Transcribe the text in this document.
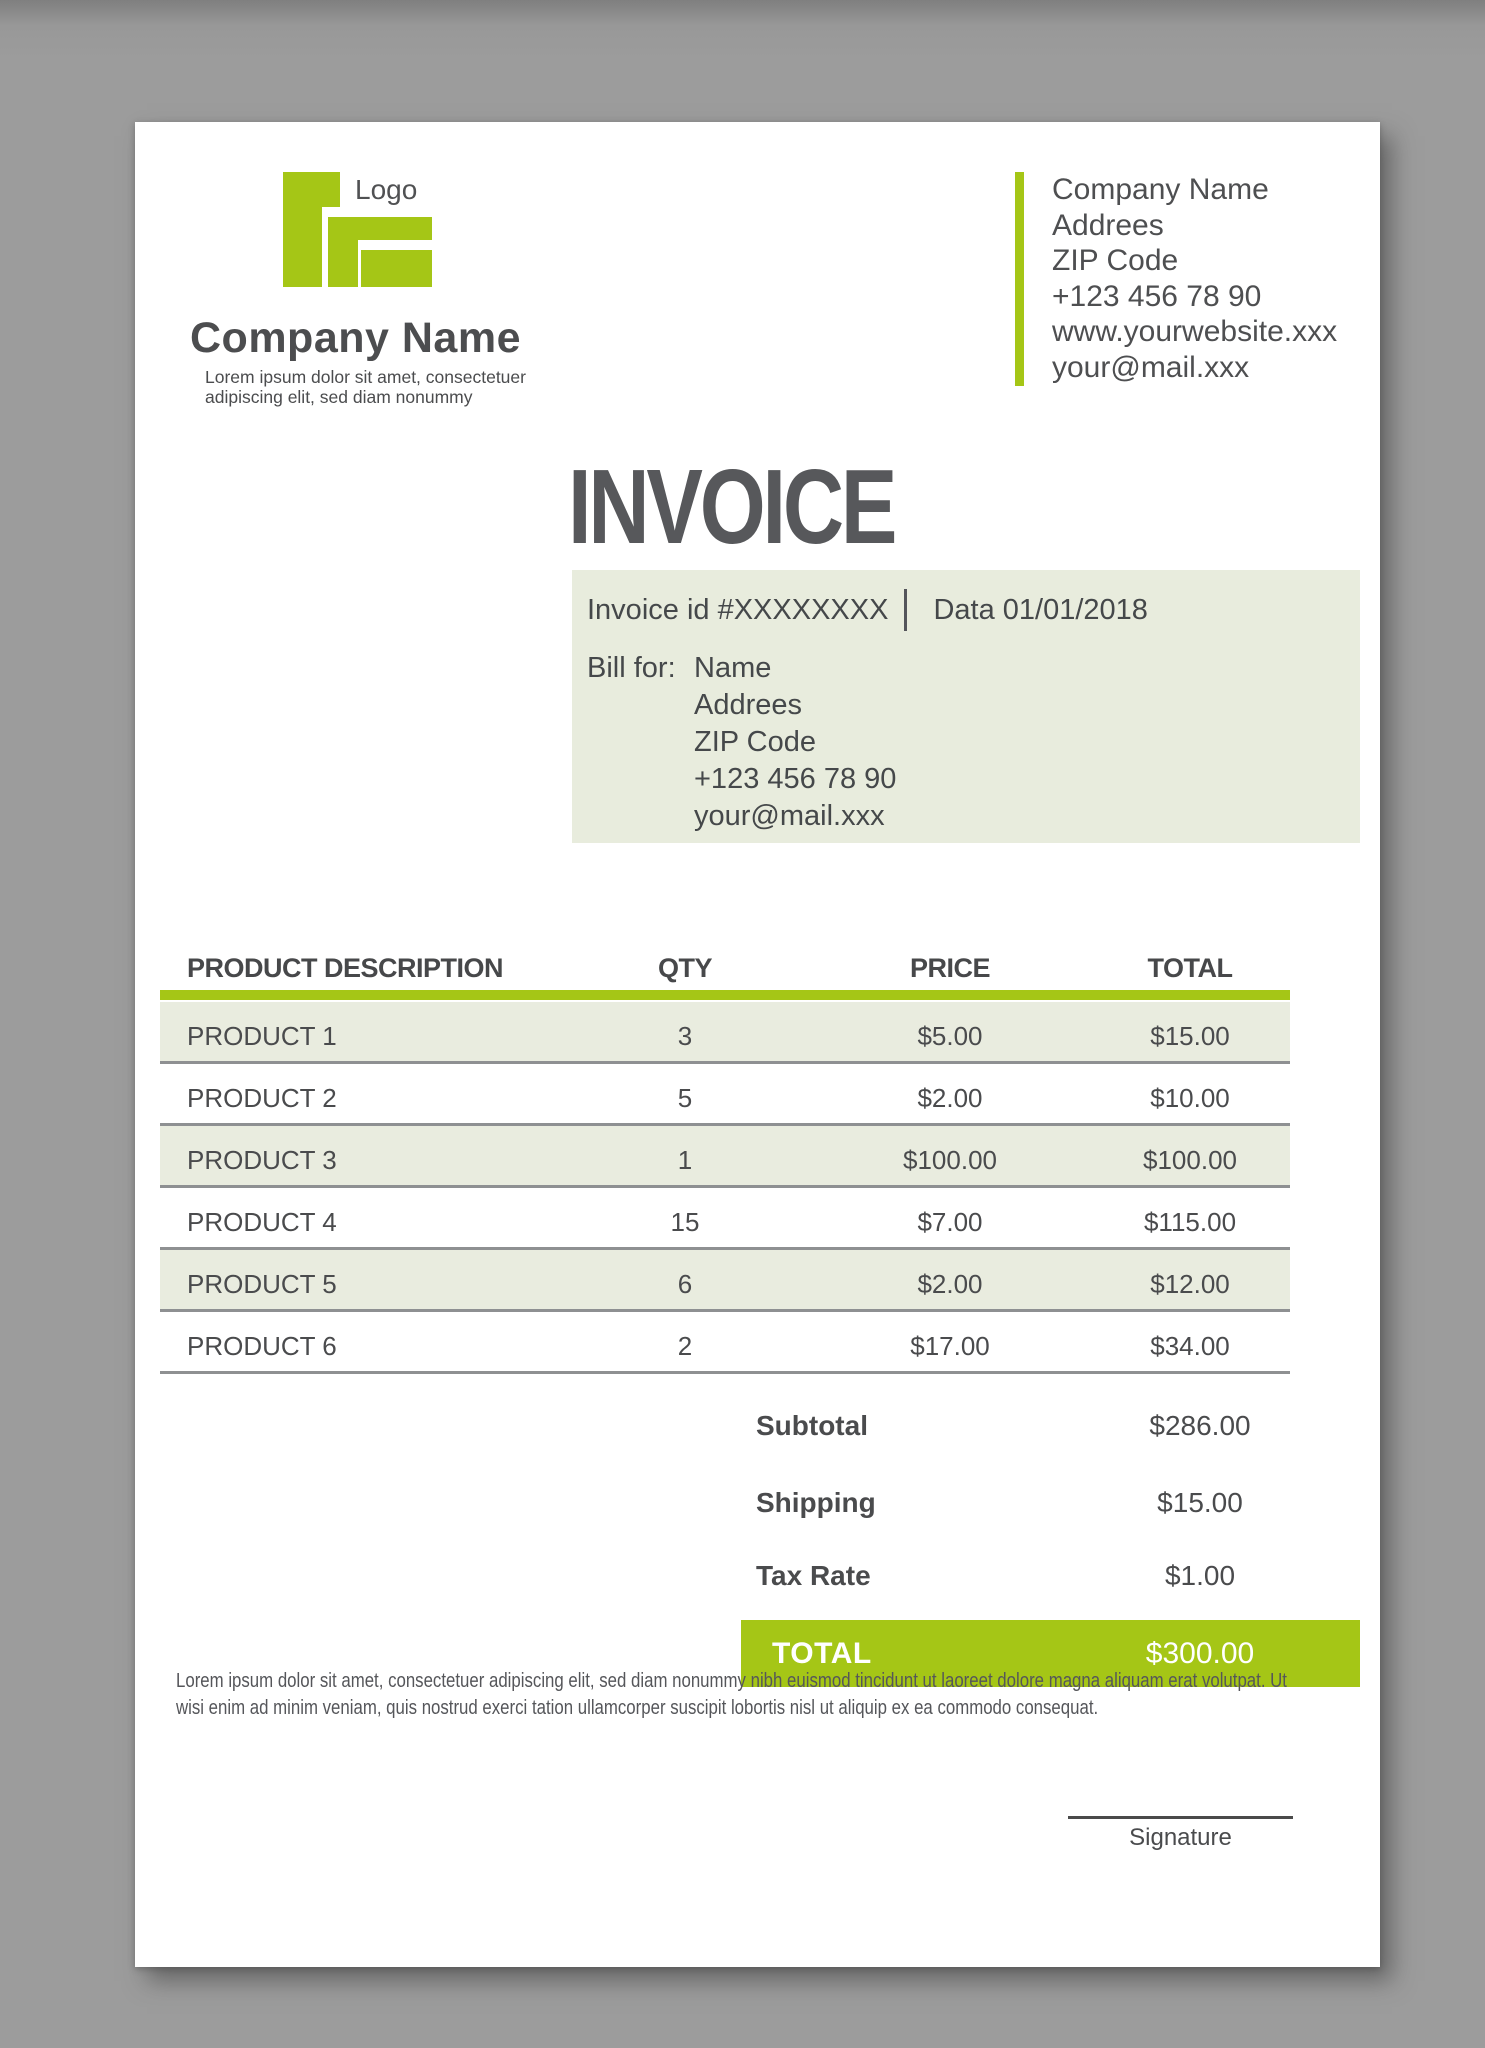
Logo
Company Name
Lorem ipsum dolor sit amet, consectetuer
adipiscing elit, sed diam nonummy
Company Name
Addrees
ZIP Code
+123 456 78 90
www.yourwebsite.xxx
your@mail.xxx
INVOICE
Invoice id #XXXXXXXX Data 01/01/2018
Bill for: Name
Addrees
ZIP Code
+123 456 78 90
your@mail.xxx
PRODUCT DESCRIPTION	QTY	PRICE	TOTAL
PRODUCT 1	3	$5.00	$15.00
PRODUCT 2	5	$2.00	$10.00
PRODUCT 3	1	$100.00	$100.00
PRODUCT 4	15	$7.00	$115.00
PRODUCT 5	6	$2.00	$12.00
PRODUCT 6	2	$17.00	$34.00
Subtotal	$286.00
Shipping	$15.00
Tax Rate	$1.00
TOTAL	$300.00
Lorem ipsum dolor sit amet, consectetuer adipiscing elit, sed diam nonummy nibh euismod tincidunt ut laoreet dolore magna aliquam erat volutpat. Ut
wisi enim ad minim veniam, quis nostrud exerci tation ullamcorper suscipit lobortis nisl ut aliquip ex ea commodo consequat.
Signature
